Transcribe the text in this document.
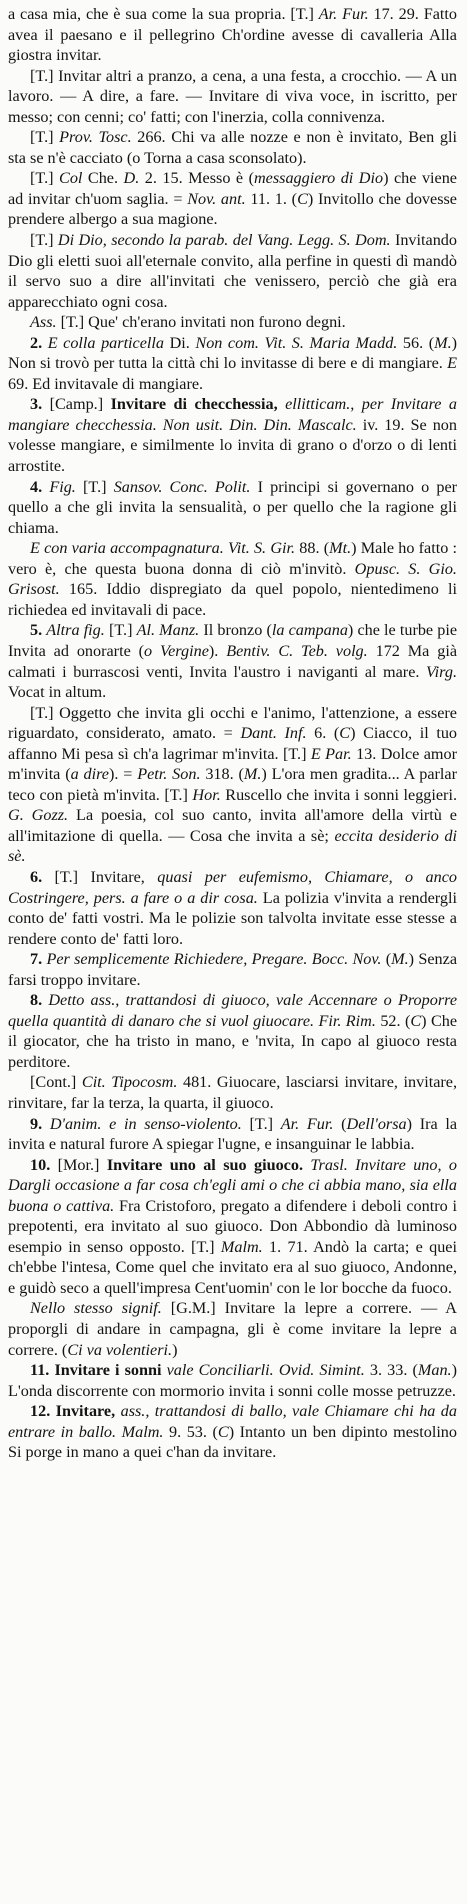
a casa mia, che è sua come la sua propria. [T.] Ar. Fur. 17. 29. Fatto avea il paesano e il pellegrino Ch'ordine avesse di cavalleria Alla giostra invitar.

[T.] Invitar altri a pranzo, a cena, a una festa, a crocchio. — A un lavoro. — A dire, a fare. — Invitare di viva voce, in iscritto, per messo; con cenni; co' fatti; con l'inerzia, colla connivenza.

[T.] Prov. Tosc. 266. Chi va alle nozze e non è invitato, Ben gli sta se n'è cacciato (o Torna a casa sconsolato).

[T.] Col Che. D. 2. 15. Messo è (messaggiero di Dio) che viene ad invitar ch'uom saglia. = Nov. ant. 11. 1. (C) Invitollo che dovesse prendere albergo a sua magione.

[T.] Di Dio, secondo la parab. del Vang. Legg. S. Dom. Invitando Dio gli eletti suoi all'eternale convito, alla perfine in questi dì mandò il servo suo a dire all'invitati che venissero, perciò che già era apparecchiato ogni cosa.

Ass. [T.] Que' ch'erano invitati non furono degni.

2. E colla particella Di. Non com. Vit. S. Maria Madd. 56. (M.) Non si trovò per tutta la città chi lo invitasse di bere e di mangiare. E 69. Ed invitavale di mangiare.

3. [Camp.] Invitare di checchessia, ellitticam., per Invitare a mangiare checchessia. Non usit. Din. Din. Mascalc. iv. 19. Se non volesse mangiare, e similmente lo invita di grano o d'orzo o di lenti arrostite.

4. Fig. [T.] Sansov. Conc. Polit. I principi si governano o per quello a che gli invita la sensualità, o per quello che la ragione gli chiama.

E con varia accompagnatura. Vit. S. Gir. 88. (Mt.) Male ho fatto : vero è, che questa buona donna di ciò m'invitò. Opusc. S. Gio. Grisost. 165. Iddio dispregiato da quel popolo, nientedimeno li richiedea ed invitavali di pace.

5. Altra fig. [T.] Al. Manz. Il bronzo (la campana) che le turbe pie Invita ad onorarte (o Vergine). Bentiv. C. Teb. volg. 172 Ma già calmati i burrascosi venti, Invita l'austro i naviganti al mare. Virg. Vocat in altum.

[T.] Oggetto che invita gli occhi e l'animo, l'attenzione, a essere riguardato, considerato, amato. = Dant. Inf. 6. (C) Ciacco, il tuo affanno Mi pesa sì ch'a lagrimar m'invita. [T.] E Par. 13. Dolce amor m'invita (a dire). = Petr. Son. 318. (M.) L'ora men gradita... A parlar teco con pietà m'invita. [T.] Hor. Ruscello che invita i sonni leggieri. G. Gozz. La poesia, col suo canto, invita all'amore della virtù e all'imitazione di quella. — Cosa che invita a sè; eccita desiderio di sè.

6. [T.] Invitare, quasi per eufemismo, Chiamare, o anco Costringere, pers. a fare o a dir cosa. La polizia v'invita a rendergli conto de' fatti vostri. Ma le polizie son talvolta invitate esse stesse a rendere conto de' fatti loro.

7. Per semplicemente Richiedere, Pregare. Bocc. Nov. (M.) Senza farsi troppo invitare.

8. Detto ass., trattandosi di giuoco, vale Accennare o Proporre quella quantità di danaro che si vuol giuocare. Fir. Rim. 52. (C) Che il giocator, che ha tristo in mano, e 'nvita, In capo al giuoco resta perditore.

[Cont.] Cit. Tipocosm. 481. Giuocare, lasciarsi invitare, invitare, rinvitare, far la terza, la quarta, il giuoco.

9. D'anim. e in senso-violento. [T.] Ar. Fur. (Dell'orsa) Ira la invita e natural furore A spiegar l'ugne, e insanguinar le labbia.

10. [Mor.] Invitare uno al suo giuoco. Trasl. Invitare uno, o Dargli occasione a far cosa ch'egli ami o che ci abbia mano, sia ella buona o cattiva. Fra Cristoforo, pregato a difendere i deboli contro i prepotenti, era invitato al suo giuoco. Don Abbondio dà luminoso esempio in senso opposto. [T.] Malm. 1. 71. Andò la carta; e quei ch'ebbe l'intesa, Come quel che invitato era al suo giuoco, Andonne, e guidò seco a quell'impresa Cent'uomin' con le lor bocche da fuoco.

Nello stesso signif. [G.M.] Invitare la lepre a correre. — A proporgli di andare in campagna, gli è come invitare la lepre a correre. (Ci va volentieri.)

11. Invitare i sonni vale Conciliarli. Ovid. Simint. 3. 33. (Man.) L'onda discorrente con mormorio invita i sonni colle mosse petruzze.

12. Invitare, ass., trattandosi di ballo, vale Chiamare chi ha da entrare in ballo. Malm. 9. 53. (C) Intanto un ben dipinto mestolino Si porge in mano a quei c'han da invitare.
